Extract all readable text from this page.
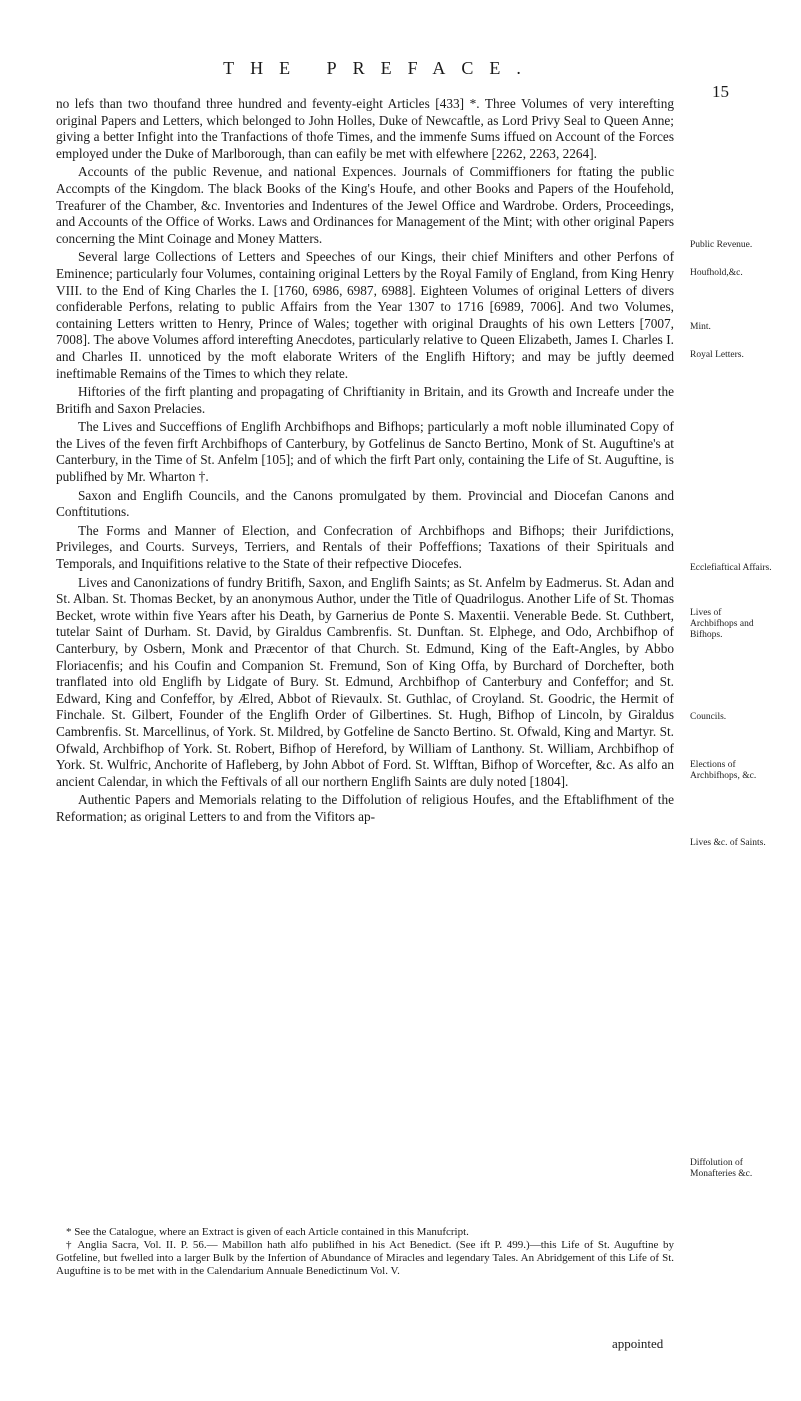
THE PREFACE.
15

no lefs than two thoufand three hundred and feventy-eight Articles [433] *. Three Volumes of very interefting original Papers and Letters, which belonged to John Holles, Duke of Newcaftle, as Lord Privy Seal to Queen Anne; giving a better Infight into the Tranfactions of thofe Times, and the immenfe Sums iffued on Account of the Forces employed under the Duke of Marlborough, than can eafily be met with elfewhere [2262, 2263, 2264].

Accounts of the public Revenue, and national Expences. Journals of Commiffioners for ftating the public Accompts of the Kingdom. The black Books of the King's Houfe, and other Books and Papers of the Houfehold, Treafurer of the Chamber, &c. Inventories and Indentures of the Jewel Office and Wardrobe. Orders, Proceedings, and Accounts of the Office of Works. Laws and Ordinances for Management of the Mint; with other original Papers concerning the Mint Coinage and Money Matters.

Several large Collections of Letters and Speeches of our Kings, their chief Minifters and other Perfons of Eminence; particularly four Volumes, containing original Letters by the Royal Family of England, from King Henry VIII. to the End of King Charles the I. [1760, 6986, 6987, 6988]. Eighteen Volumes of original Letters of divers confiderable Perfons, relating to public Affairs from the Year 1307 to 1716 [6989, 7006]. And two Volumes, containing Letters written to Henry, Prince of Wales; together with original Draughts of his own Letters [7007, 7008]. The above Volumes afford interefting Anecdotes, particularly relative to Queen Elizabeth, James I. Charles I. and Charles II. unnoticed by the moft elaborate Writers of the Englifh Hiftory; and may be juftly deemed ineftimable Remains of the Times to which they relate.

Hiftories of the firft planting and propagating of Chriftianity in Britain, and its Growth and Increafe under the Britifh and Saxon Prelacies.

The Lives and Succeffions of Englifh Archbifhops and Bifhops; particularly a moft noble illuminated Copy of the Lives of the feven firft Archbifhops of Canterbury, by Gotfelinus de Sancto Bertino, Monk of St. Auguftine's at Canterbury, in the Time of St. Anfelm [105]; and of which the firft Part only, containing the Life of St. Auguftine, is publifhed by Mr. Wharton †.

Saxon and Englifh Councils, and the Canons promulgated by them. Provincial and Diocefan Canons and Conftitutions.

The Forms and Manner of Election, and Confecration of Archbifhops and Bifhops; their Jurifdictions, Privileges, and Courts. Surveys, Terriers, and Rentals of their Poffeffions; Taxations of their Spirituals and Temporals, and Inquifitions relative to the State of their refpective Diocefes.

Lives and Canonizations of fundry Britifh, Saxon, and Englifh Saints; as St. Anfelm by Eadmerus. St. Adan and St. Alban. St. Thomas Becket, by an anonymous Author, under the Title of Quadrilogus. Another Life of St. Thomas Becket, wrote within five Years after his Death, by Garnerius de Ponte S. Maxentii. Venerable Bede. St. Cuthbert, tutelar Saint of Durham. St. David, by Giraldus Cambrenfis. St. Dunftan. St. Elphege, and Odo, Archbifhop of Canterbury, by Osbern, Monk and Præcentor of that Church. St. Edmund, King of the Eaft-Angles, by Abbo Floriacenfis; and his Coufin and Companion St. Fremund, Son of King Offa, by Burchard of Dorchefter, both tranflated into old Englifh by Lidgate of Bury. St. Edmund, Archbifhop of Canterbury and Confeffor; and St. Edward, King and Confeffor, by Ælred, Abbot of Rievaulx. St. Guthlac, of Croyland. St. Goodric, the Hermit of Finchale. St. Gilbert, Founder of the Englifh Order of Gilbertines. St. Hugh, Bifhop of Lincoln, by Giraldus Cambrenfis. St. Marcellinus, of York. St. Mildred, by Gotfeline de Sancto Bertino. St. Ofwald, King and Martyr. St. Ofwald, Archbifhop of York. St. Robert, Bifhop of Hereford, by William of Lanthony. St. William, Archbifhop of York. St. Wulfric, Anchorite of Hafleberg, by John Abbot of Ford. St. Wlfftan, Bifhop of Worcefter, &c. As alfo an ancient Calendar, in which the Feftivals of all our northern Englifh Saints are duly noted [1804].

Authentic Papers and Memorials relating to the Diffolution of religious Houfes, and the Eftablifhment of the Reformation; as original Letters to and from the Vifitors ap-

Public Revenue.
Houfhold,&c.
Mint.
Royal Letters.
Ecclefiaftical Affairs.
Lives of Archbifhops and Bifhops.
Councils.
Elections of Archbifhops, &c.
Lives &c. of Saints.
Diffolution of Monafteries &c.

* See the Catalogue, where an Extract is given of each Article contained in this Manufcript.

† Anglia Sacra, Vol. II. P. 56.— Mabillon hath alfo publifhed in his Act Benedict. (See ift P. 499.)—this Life of St. Auguftine by Gotfeline, but fwelled into a larger Bulk by the Infertion of Abundance of Miracles and legendary Tales. An Abridgement of this Life of St. Auguftine is to be met with in the Calendarium Annuale Benedictinum Vol. V.

appointed
